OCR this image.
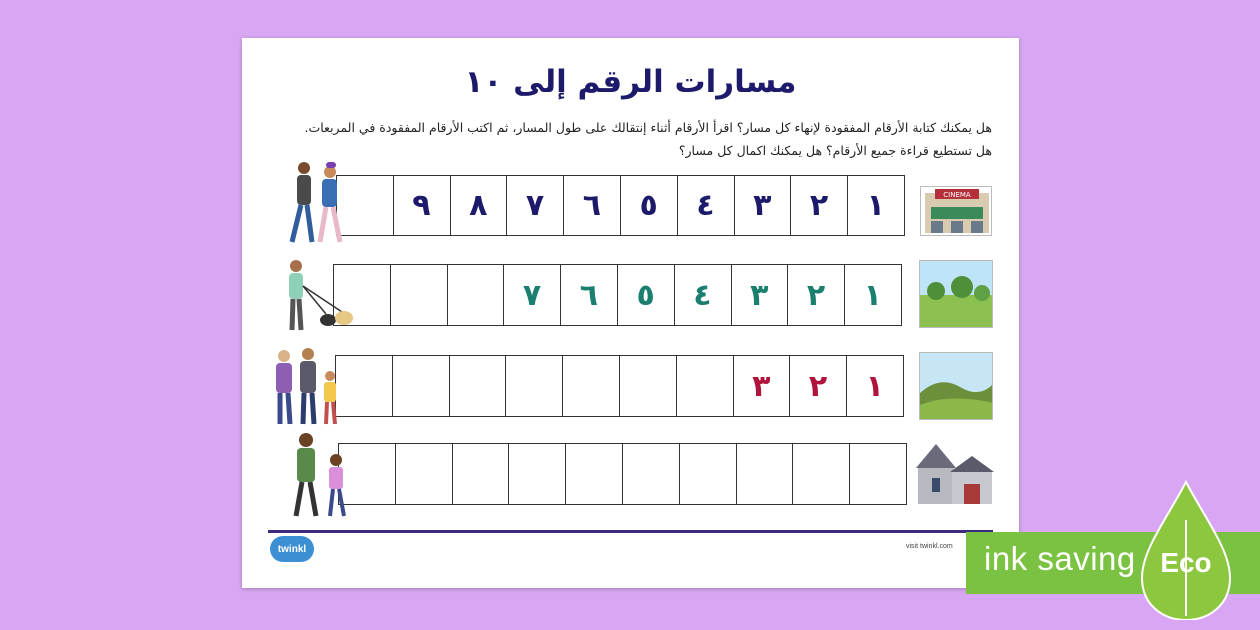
مسارات الرقم إلى ١٠
هل يمكنك كتابة الأرقام المفقودة لإنهاء كل مسار؟ اقرأ الأرقام أثناء إنتقالك على طول المسار، ثم اكتب الأرقام المفقودة في المربعات.
هل تستطيع قراءة جميع الأرقام؟ هل يمكنك اكمال كل مسار؟
١
٢
٣
٤
٥
٦
٧
٨
٩
١
٢
٣
٤
٥
٦
٧
١
٢
٣
CINEMA
twinkl	visit twinkl.com ink saving Eco
